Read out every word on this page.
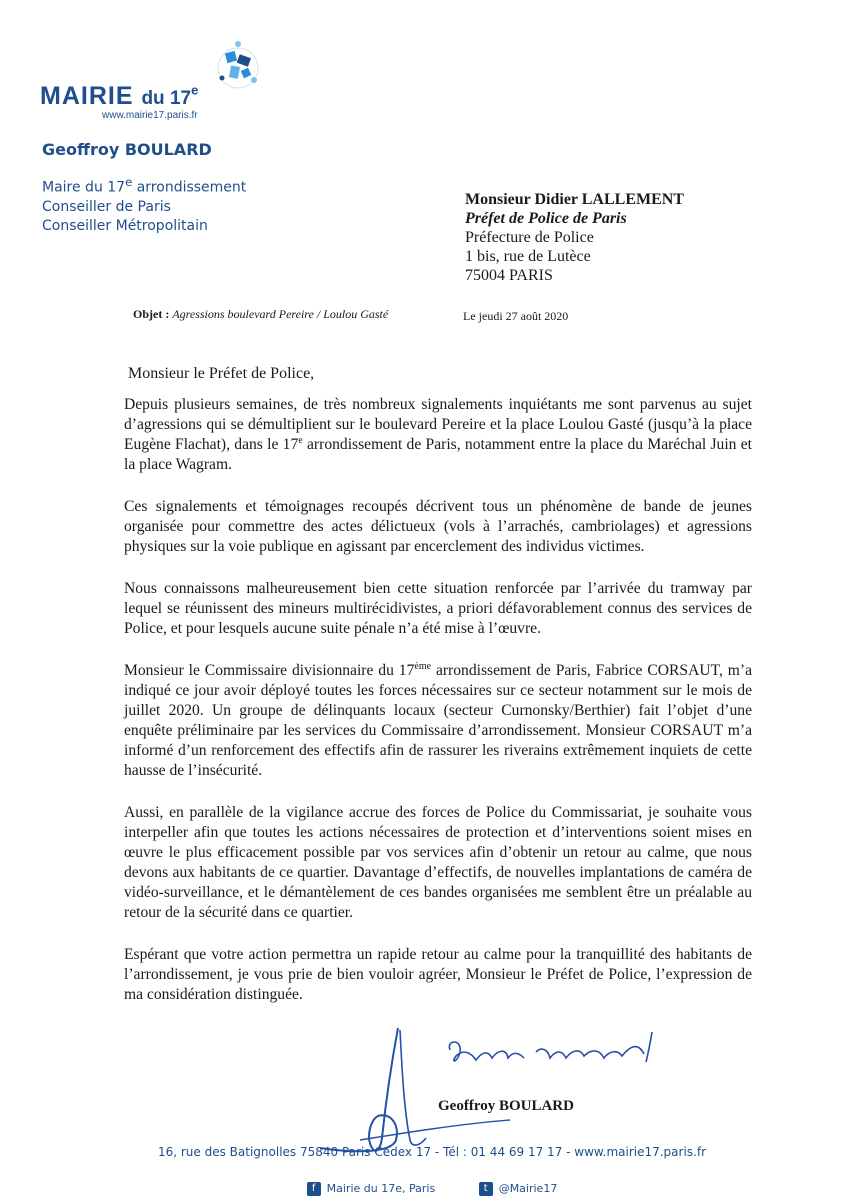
MAIRIE du 17e
www.mairie17.paris.fr
Geoffroy BOULARD
Maire du 17e arrondissement
Conseiller de Paris
Conseiller Métropolitain
Monsieur Didier LALLEMENT
Préfet de Police de Paris
Préfecture de Police
1 bis, rue de Lutèce
75004 PARIS
Objet : Agressions boulevard Pereire / Loulou Gasté	Le jeudi 27 août 2020
Monsieur le Préfet de Police,

Depuis plusieurs semaines, de très nombreux signalements inquiétants me sont parvenus au sujet d’agressions qui se démultiplient sur le boulevard Pereire et la place Loulou Gasté (jusqu’à la place Eugène Flachat), dans le 17e arrondissement de Paris, notamment entre la place du Maréchal Juin et la place Wagram.

Ces signalements et témoignages recoupés décrivent tous un phénomène de bande de jeunes organisée pour commettre des actes délictueux (vols à l’arrachés, cambriolages) et agressions physiques sur la voie publique en agissant par encerclement des individus victimes.

Nous connaissons malheureusement bien cette situation renforcée par l’arrivée du tramway par lequel se réunissent des mineurs multirécidivistes, a priori défavorablement connus des services de Police, et pour lesquels aucune suite pénale n’a été mise à l’œuvre.

Monsieur le Commissaire divisionnaire du 17ème arrondissement de Paris, Fabrice CORSAUT, m’a indiqué ce jour avoir déployé toutes les forces nécessaires sur ce secteur notamment sur le mois de juillet 2020. Un groupe de délinquants locaux (secteur Curnonsky/Berthier) fait l’objet d’une enquête préliminaire par les services du Commissaire d’arrondissement. Monsieur CORSAUT m’a informé d’un renforcement des effectifs afin de rassurer les riverains extrêmement inquiets de cette hausse de l’insécurité.

Aussi, en parallèle de la vigilance accrue des forces de Police du Commissariat, je souhaite vous interpeller afin que toutes les actions nécessaires de protection et d’interventions soient mises en œuvre le plus efficacement possible par vos services afin d’obtenir un retour au calme, que nous devons aux habitants de ce quartier. Davantage d’effectifs, de nouvelles implantations de caméra de vidéo-surveillance, et le démantèlement de ces bandes organisées me semblent être un préalable au retour de la sécurité dans ce quartier.

Espérant que votre action permettra un rapide retour au calme pour la tranquillité des habitants de l’arrondissement, je vous prie de bien vouloir agréer, Monsieur le Préfet de Police, l’expression de ma considération distinguée.

Geoffroy BOULARD
16, rue des Batignolles 75840 Paris Cedex 17 - Tél : 01 44 69 17 17 - www.mairie17.paris.fr
f Mairie du 17e, Paris	t @Mairie17
